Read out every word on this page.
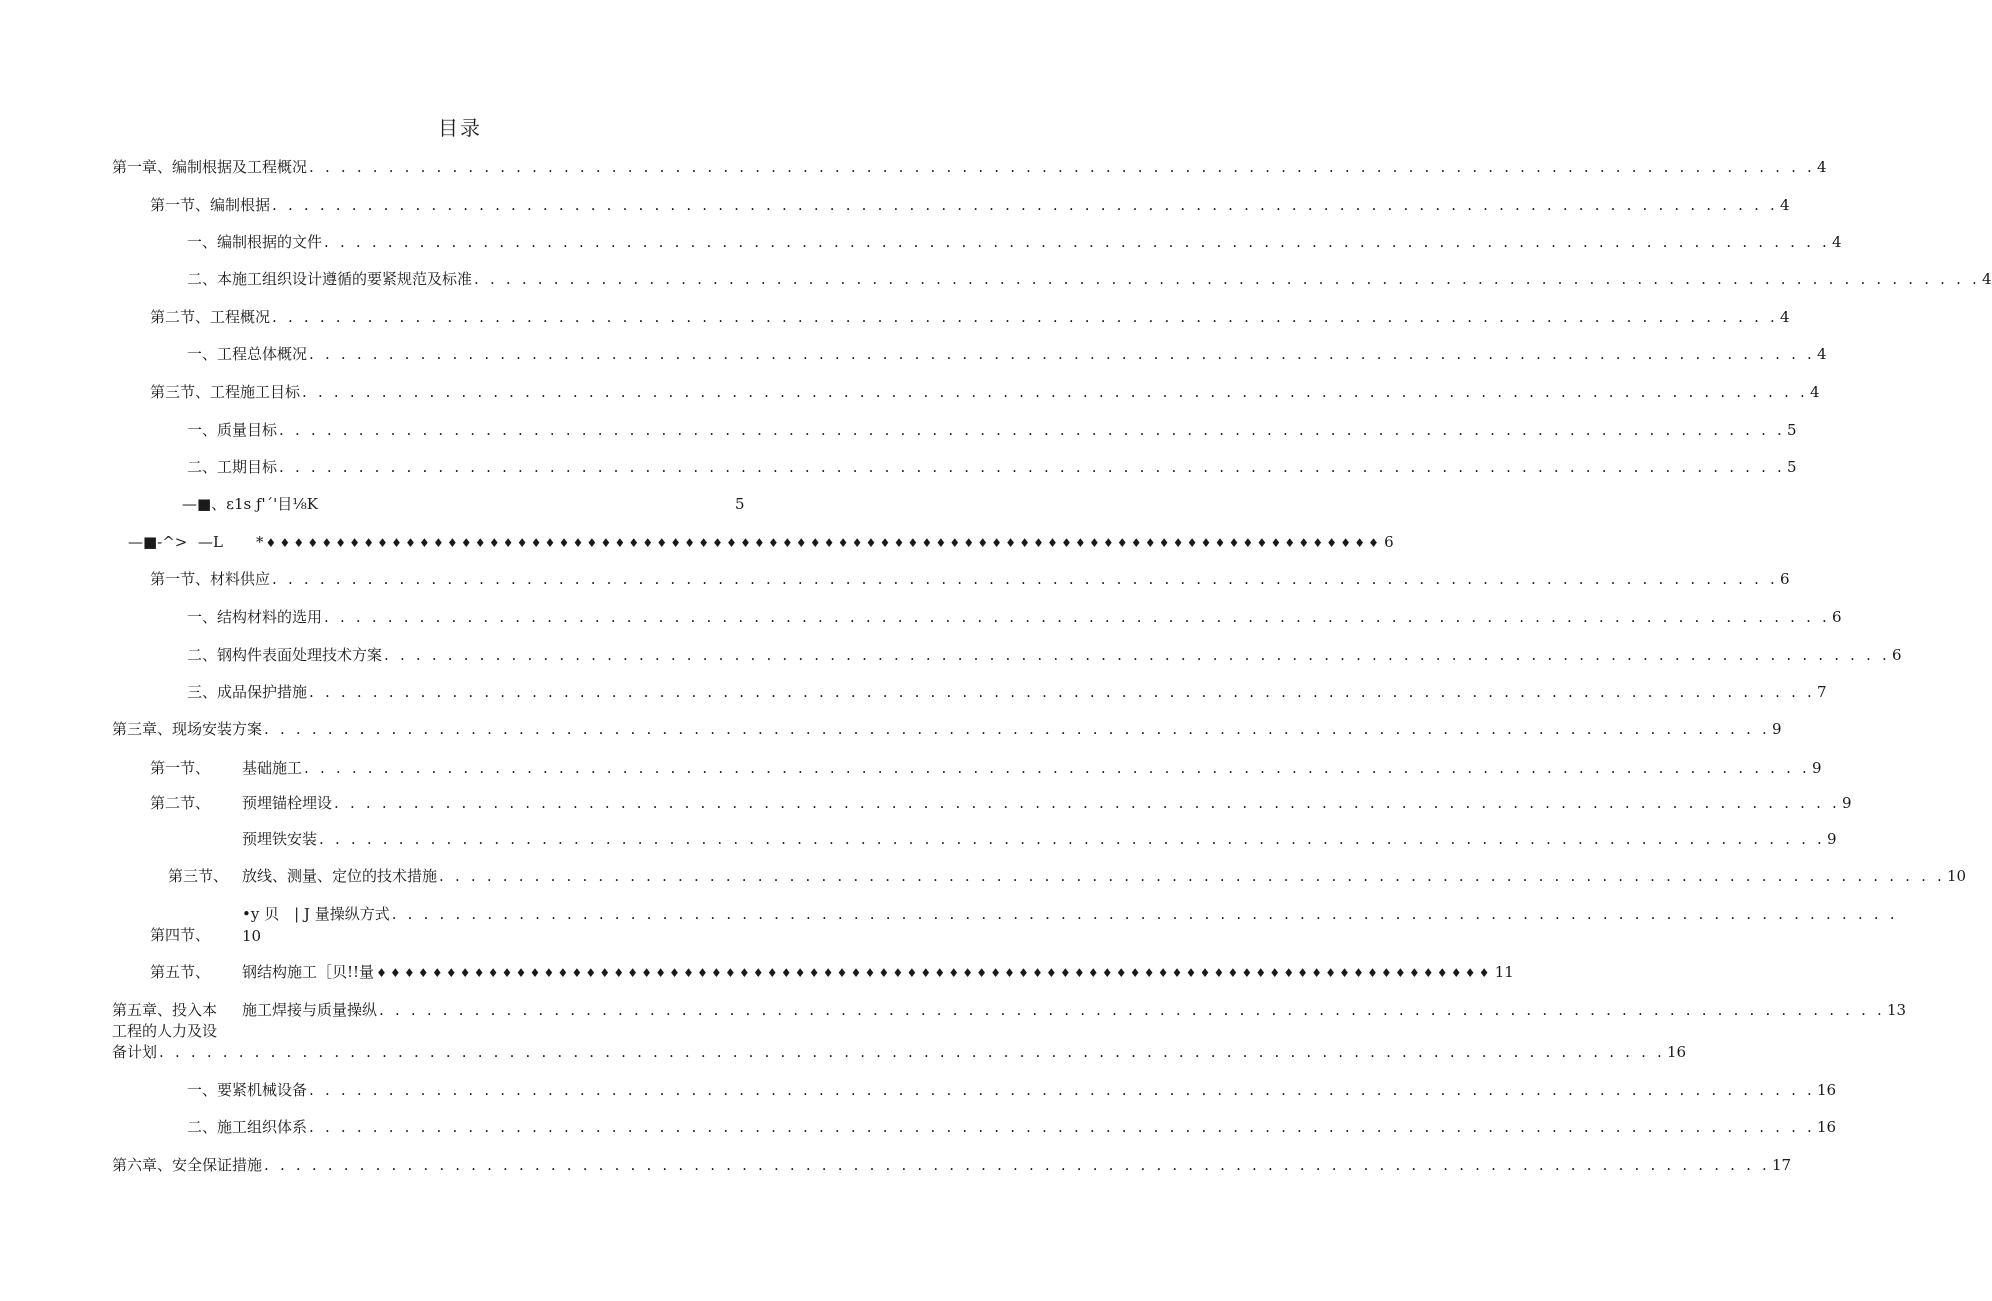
目录
第一章、编制根据及工程概况 . . . . . . . . . . . . . . . . . . . . . . . . . . . . . . . . . . . . . . . . . . . . . . . . . . . . . . . . . . . . . . . . . . . . . . . . . . . . . . . . . . . . . . . . . . . . . . . 4
第一节、编制根据 . . . . . . . . . . . . . . . . . . . . . . . . . . . . . . . . . . . . . . . . . . . . . . . . . . . . . . . . . . . . . . . . . . . . . . . . . . . . . . . . . . . . . . . . . . . . . . . 4
一、编制根据的文件 . . . . . . . . . . . . . . . . . . . . . . . . . . . . . . . . . . . . . . . . . . . . . . . . . . . . . . . . . . . . . . . . . . . . . . . . . . . . . . . . . . . . . . . . . . . . . . . 4
二、本施工组织设计遵循的要紧规范及标准 . . . . . . . . . . . . . . . . . . . . . . . . . . . . . . . . . . . . . . . . . . . . . . . . . . . . . . . . . . . . . . . . . . . . . . . . . . . . . . . . . . . . . . . . . . . . . . . 4
第二节、工程概况 . . . . . . . . . . . . . . . . . . . . . . . . . . . . . . . . . . . . . . . . . . . . . . . . . . . . . . . . . . . . . . . . . . . . . . . . . . . . . . . . . . . . . . . . . . . . . . . 4
一、工程总体概况 . . . . . . . . . . . . . . . . . . . . . . . . . . . . . . . . . . . . . . . . . . . . . . . . . . . . . . . . . . . . . . . . . . . . . . . . . . . . . . . . . . . . . . . . . . . . . . . 4
第三节、工程施工目标 . . . . . . . . . . . . . . . . . . . . . . . . . . . . . . . . . . . . . . . . . . . . . . . . . . . . . . . . . . . . . . . . . . . . . . . . . . . . . . . . . . . . . . . . . . . . . . . 4
一、质量目标 . . . . . . . . . . . . . . . . . . . . . . . . . . . . . . . . . . . . . . . . . . . . . . . . . . . . . . . . . . . . . . . . . . . . . . . . . . . . . . . . . . . . . . . . . . . . . . . 5
二、工期目标 . . . . . . . . . . . . . . . . . . . . . . . . . . . . . . . . . . . . . . . . . . . . . . . . . . . . . . . . . . . . . . . . . . . . . . . . . . . . . . . . . . . . . . . . . . . . . . . 5
—■、ε1s ƒ'ˊ'目⅛K	5
—■-^> —L * ♦♦♦♦♦♦♦♦♦♦♦♦♦♦♦♦♦♦♦♦♦♦♦♦♦♦♦♦♦♦♦♦♦♦♦♦♦♦♦♦♦♦♦♦♦♦♦♦♦♦♦♦♦♦♦♦♦♦♦♦♦♦♦♦♦♦♦♦♦♦♦♦♦♦♦♦♦♦♦♦ 6
第一节、材料供应 . . . . . . . . . . . . . . . . . . . . . . . . . . . . . . . . . . . . . . . . . . . . . . . . . . . . . . . . . . . . . . . . . . . . . . . . . . . . . . . . . . . . . . . . . . . . . . . 6
一、结构材料的选用 . . . . . . . . . . . . . . . . . . . . . . . . . . . . . . . . . . . . . . . . . . . . . . . . . . . . . . . . . . . . . . . . . . . . . . . . . . . . . . . . . . . . . . . . . . . . . . . 6
二、钢构件表面处理技术方案 . . . . . . . . . . . . . . . . . . . . . . . . . . . . . . . . . . . . . . . . . . . . . . . . . . . . . . . . . . . . . . . . . . . . . . . . . . . . . . . . . . . . . . . . . . . . . . . 6
三、成品保护措施 . . . . . . . . . . . . . . . . . . . . . . . . . . . . . . . . . . . . . . . . . . . . . . . . . . . . . . . . . . . . . . . . . . . . . . . . . . . . . . . . . . . . . . . . . . . . . . . 7
第三章、现场安装方案 . . . . . . . . . . . . . . . . . . . . . . . . . . . . . . . . . . . . . . . . . . . . . . . . . . . . . . . . . . . . . . . . . . . . . . . . . . . . . . . . . . . . . . . . . . . . . . . 9
第一节、 基础施工 . . . . . . . . . . . . . . . . . . . . . . . . . . . . . . . . . . . . . . . . . . . . . . . . . . . . . . . . . . . . . . . . . . . . . . . . . . . . . . . . . . . . . . . . . . . . . . . 9
第二节、 预埋锚栓埋设 . . . . . . . . . . . . . . . . . . . . . . . . . . . . . . . . . . . . . . . . . . . . . . . . . . . . . . . . . . . . . . . . . . . . . . . . . . . . . . . . . . . . . . . . . . . . . . . 9
预埋铁安装 . . . . . . . . . . . . . . . . . . . . . . . . . . . . . . . . . . . . . . . . . . . . . . . . . . . . . . . . . . . . . . . . . . . . . . . . . . . . . . . . . . . . . . . . . . . . . . . 9
第三节、 放线、测量、定位的技术措施 . . . . . . . . . . . . . . . . . . . . . . . . . . . . . . . . . . . . . . . . . . . . . . . . . . . . . . . . . . . . . . . . . . . . . . . . . . . . . . . . . . . . . . . . . . . . . . . 10
•y 贝　| J 量操纵方式 . . . . . . . . . . . . . . . . . . . . . . . . . . . . . . . . . . . . . . . . . . . . . . . . . . . . . . . . . . . . . . . . . . . . . . . . . . . . . . . . . . . . . . . . . . . . . . .
10
第四节、
第五节、 钢结构施工［贝!!量 ♦♦♦♦♦♦♦♦♦♦♦♦♦♦♦♦♦♦♦♦♦♦♦♦♦♦♦♦♦♦♦♦♦♦♦♦♦♦♦♦♦♦♦♦♦♦♦♦♦♦♦♦♦♦♦♦♦♦♦♦♦♦♦♦♦♦♦♦♦♦♦♦♦♦♦♦♦♦♦♦ 11
第五章、投入本
工程的人力及设
施工焊接与质量操纵 . . . . . . . . . . . . . . . . . . . . . . . . . . . . . . . . . . . . . . . . . . . . . . . . . . . . . . . . . . . . . . . . . . . . . . . . . . . . . . . . . . . . . . . . . . . . . . . 13
备计划 . . . . . . . . . . . . . . . . . . . . . . . . . . . . . . . . . . . . . . . . . . . . . . . . . . . . . . . . . . . . . . . . . . . . . . . . . . . . . . . . . . . . . . . . . . . . . . . 16
一、要紧机械设备 . . . . . . . . . . . . . . . . . . . . . . . . . . . . . . . . . . . . . . . . . . . . . . . . . . . . . . . . . . . . . . . . . . . . . . . . . . . . . . . . . . . . . . . . . . . . . . . 16
二、施工组织体系 . . . . . . . . . . . . . . . . . . . . . . . . . . . . . . . . . . . . . . . . . . . . . . . . . . . . . . . . . . . . . . . . . . . . . . . . . . . . . . . . . . . . . . . . . . . . . . . 16
第六章、安全保证措施 . . . . . . . . . . . . . . . . . . . . . . . . . . . . . . . . . . . . . . . . . . . . . . . . . . . . . . . . . . . . . . . . . . . . . . . . . . . . . . . . . . . . . . . . . . . . . . . 17
